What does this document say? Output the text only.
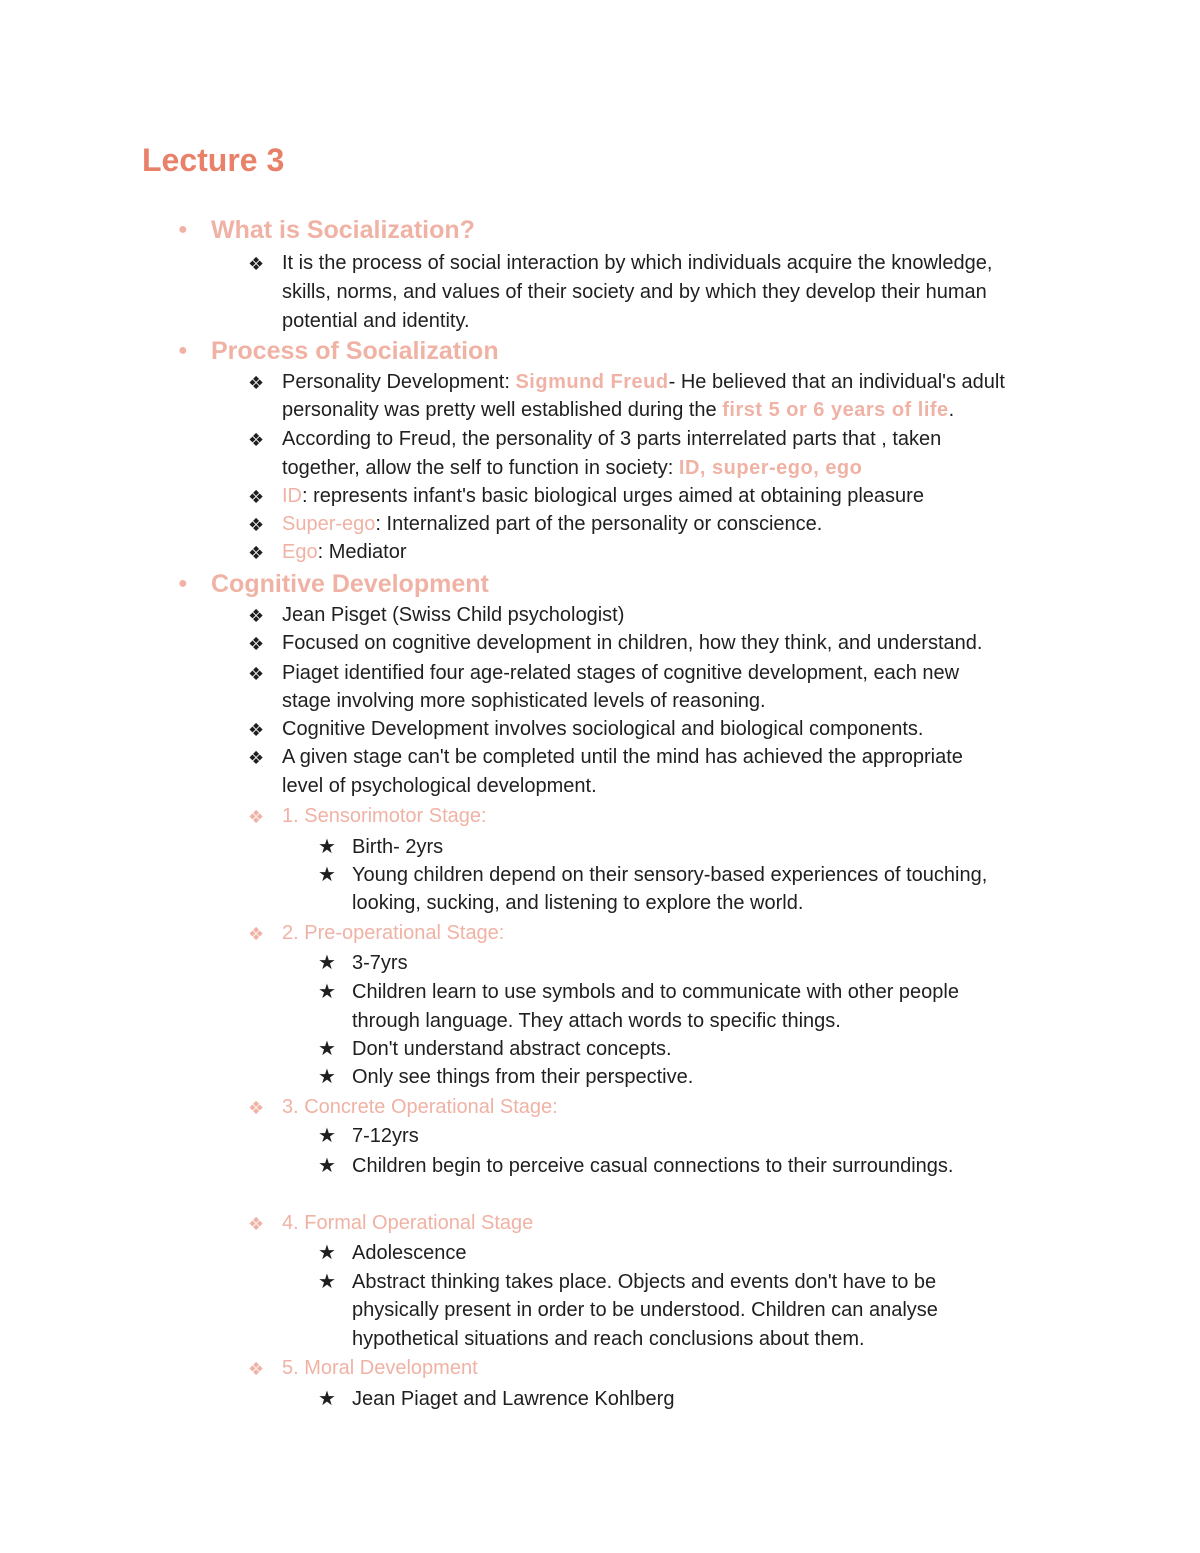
Lecture 3
● What is Socialization?
❖ It is the process of social interaction by which individuals acquire the knowledge,
skills, norms, and values of their society and by which they develop their human
potential and identity.
● Process of Socialization
❖ Personality Development: Sigmund Freud- He believed that an individual's adult
personality was pretty well established during the first 5 or 6 years of life.
❖ According to Freud, the personality of 3 parts interrelated parts that , taken
together, allow the self to function in society: ID, super-ego, ego
❖ ID: represents infant's basic biological urges aimed at obtaining pleasure
❖ Super-ego: Internalized part of the personality or conscience.
❖ Ego: Mediator
● Cognitive Development
❖ Jean Pisget (Swiss Child psychologist)
❖ Focused on cognitive development in children, how they think, and understand.
❖ Piaget identified four age-related stages of cognitive development, each new
stage involving more sophisticated levels of reasoning.
❖ Cognitive Development involves sociological and biological components.
❖ A given stage can't be completed until the mind has achieved the appropriate
level of psychological development.
❖ 1. Sensorimotor Stage:
★ Birth- 2yrs
★ Young children depend on their sensory-based experiences of touching,
looking, sucking, and listening to explore the world.
❖ 2. Pre-operational Stage:
★ 3-7yrs
★ Children learn to use symbols and to communicate with other people
through language. They attach words to specific things.
★ Don't understand abstract concepts.
★ Only see things from their perspective.
❖ 3. Concrete Operational Stage:
★ 7-12yrs
★ Children begin to perceive casual connections to their surroundings.
❖ 4. Formal Operational Stage
★ Adolescence
★ Abstract thinking takes place. Objects and events don't have to be
physically present in order to be understood. Children can analyse
hypothetical situations and reach conclusions about them.
❖ 5. Moral Development
★ Jean Piaget and Lawrence Kohlberg
